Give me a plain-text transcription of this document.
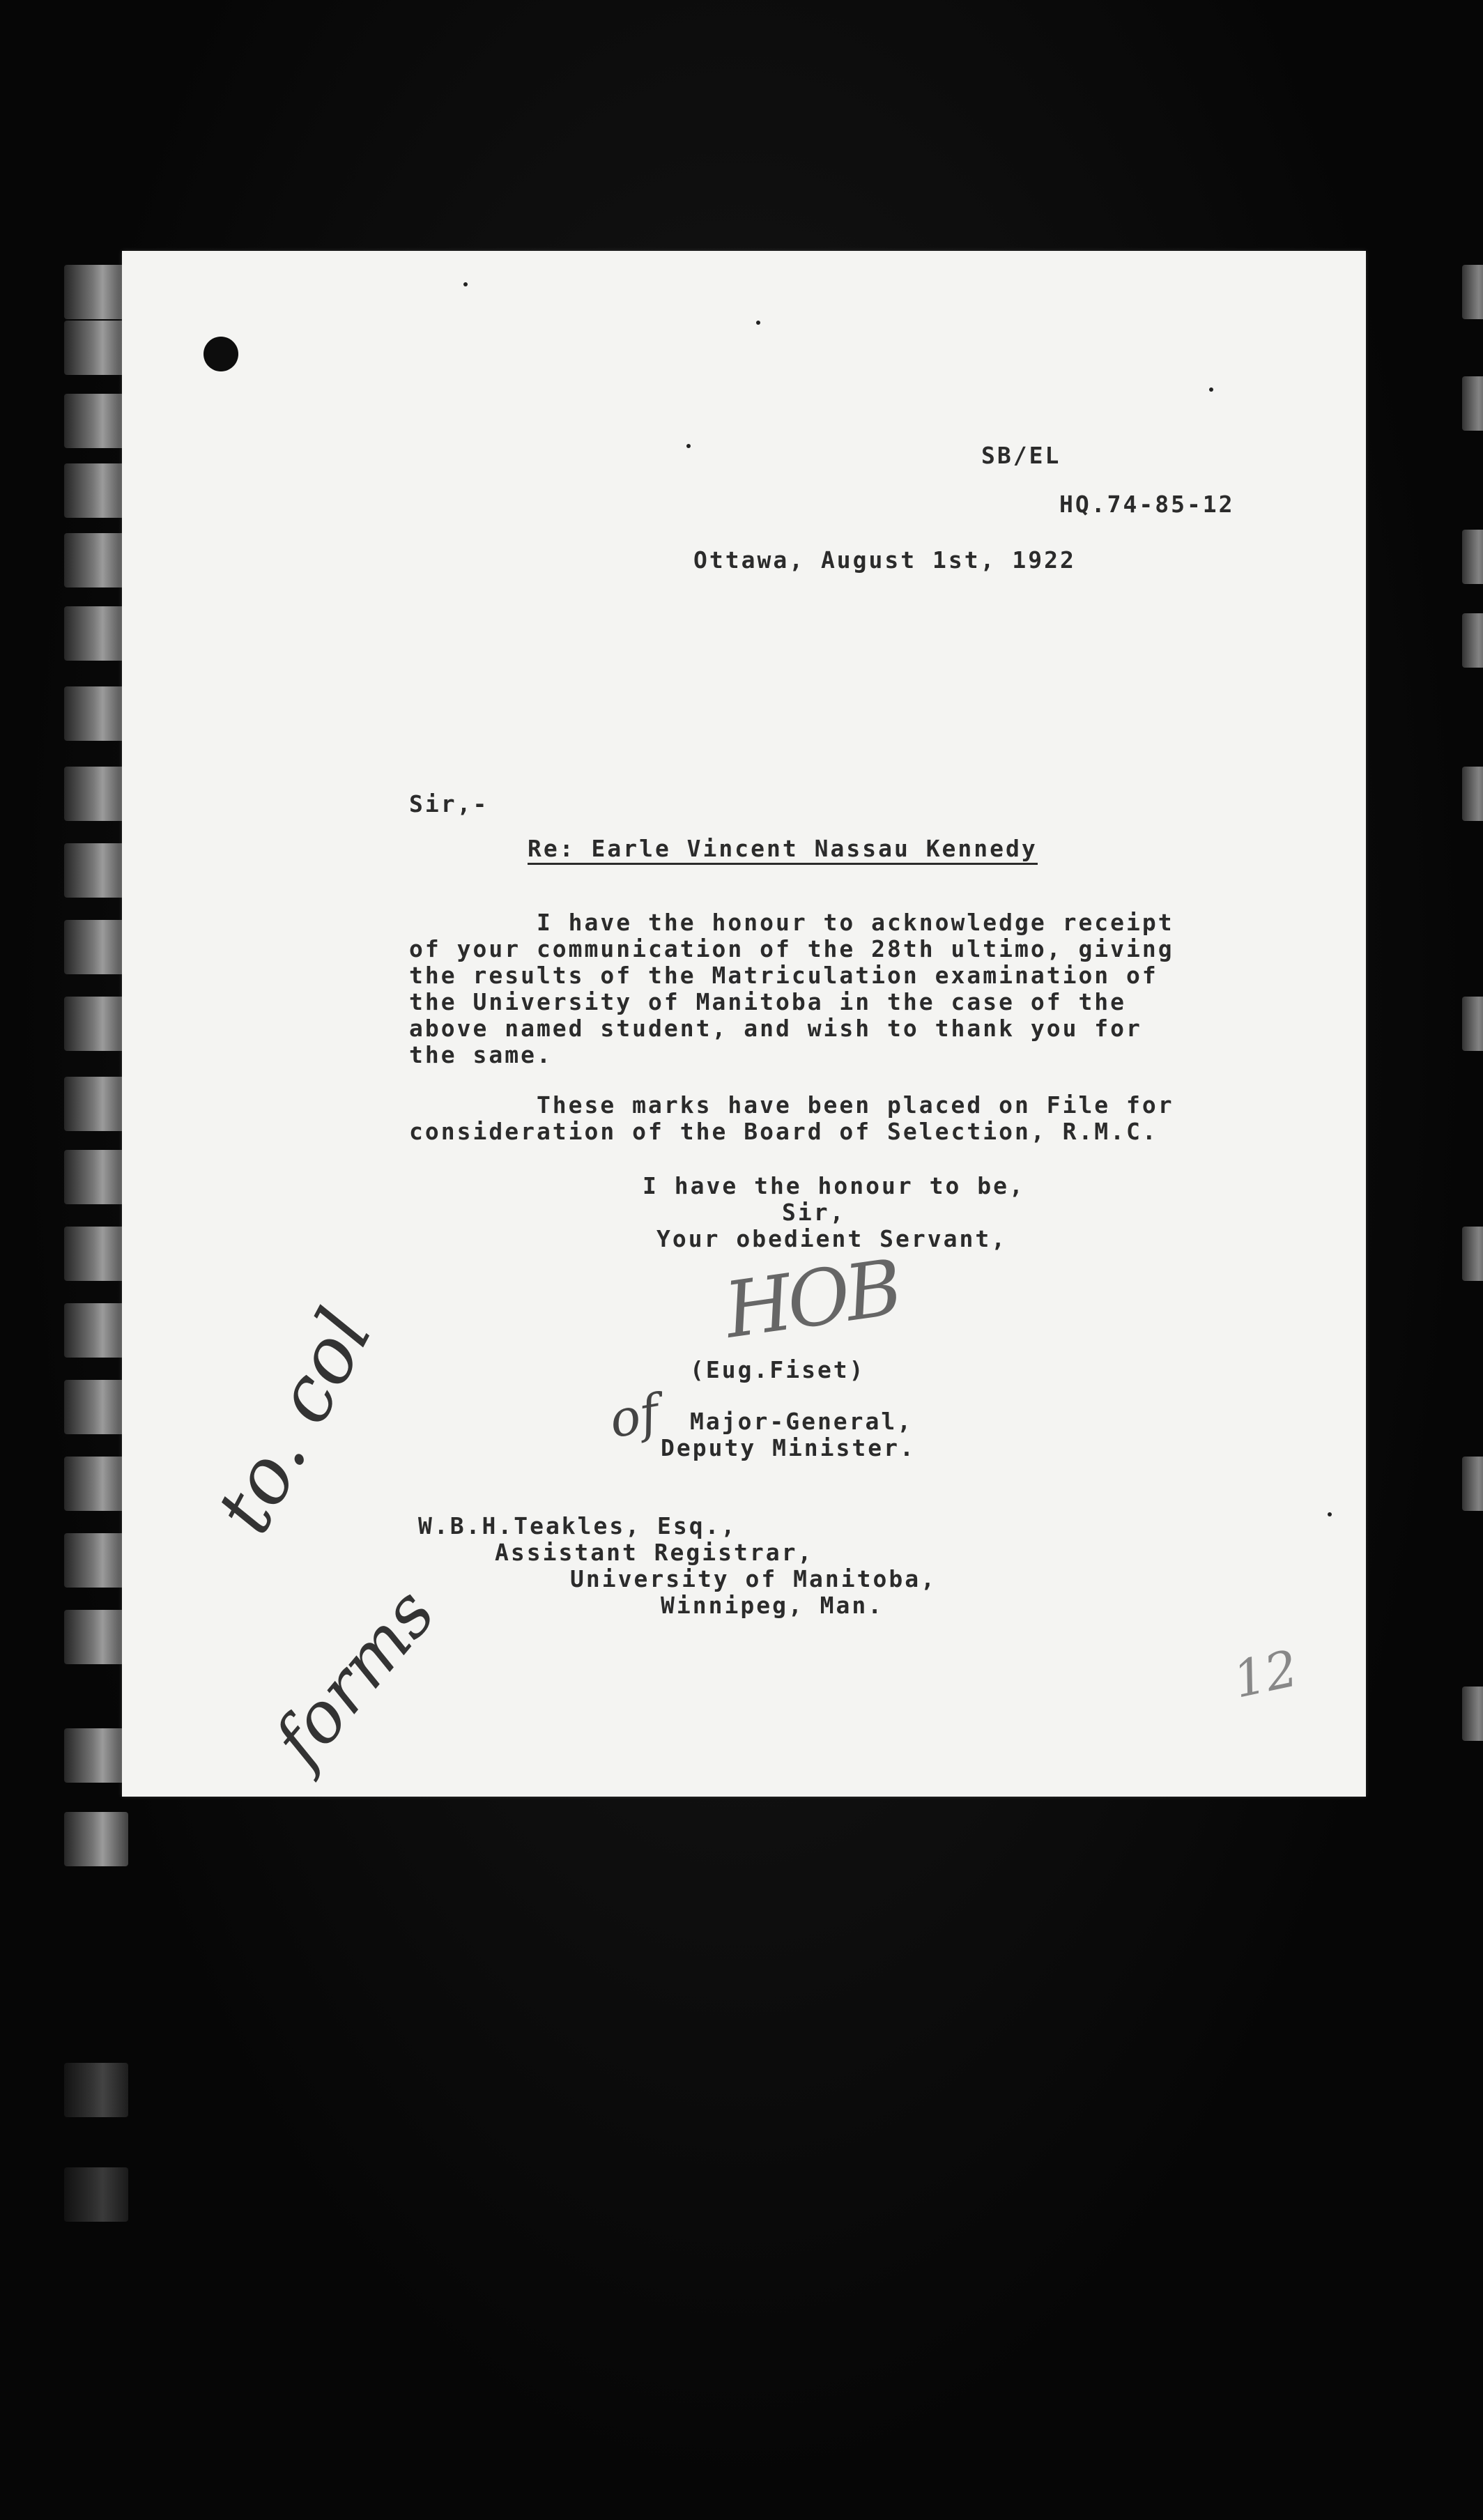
SB/EL
HQ.74-85-12
Ottawa, August 1st, 1922
Sir,-
Re: Earle Vincent Nassau Kennedy
I have the honour to acknowledge receipt
of your communication of the 28th ultimo, giving
the results of the Matriculation examination of
the University of Manitoba in the case of the
above named student, and wish to thank you for
the same.
These marks have been placed on File for
consideration of the Board of Selection, R.M.C.
I have the honour to be,
Sir,
Your obedient Servant,
HOB
(Eug.Fiset)
of Major-General,
Deputy Minister.
W.B.H.Teakles, Esq.,
Assistant Registrar,
University of Manitoba,
Winnipeg, Man.
to. col
forms	12
